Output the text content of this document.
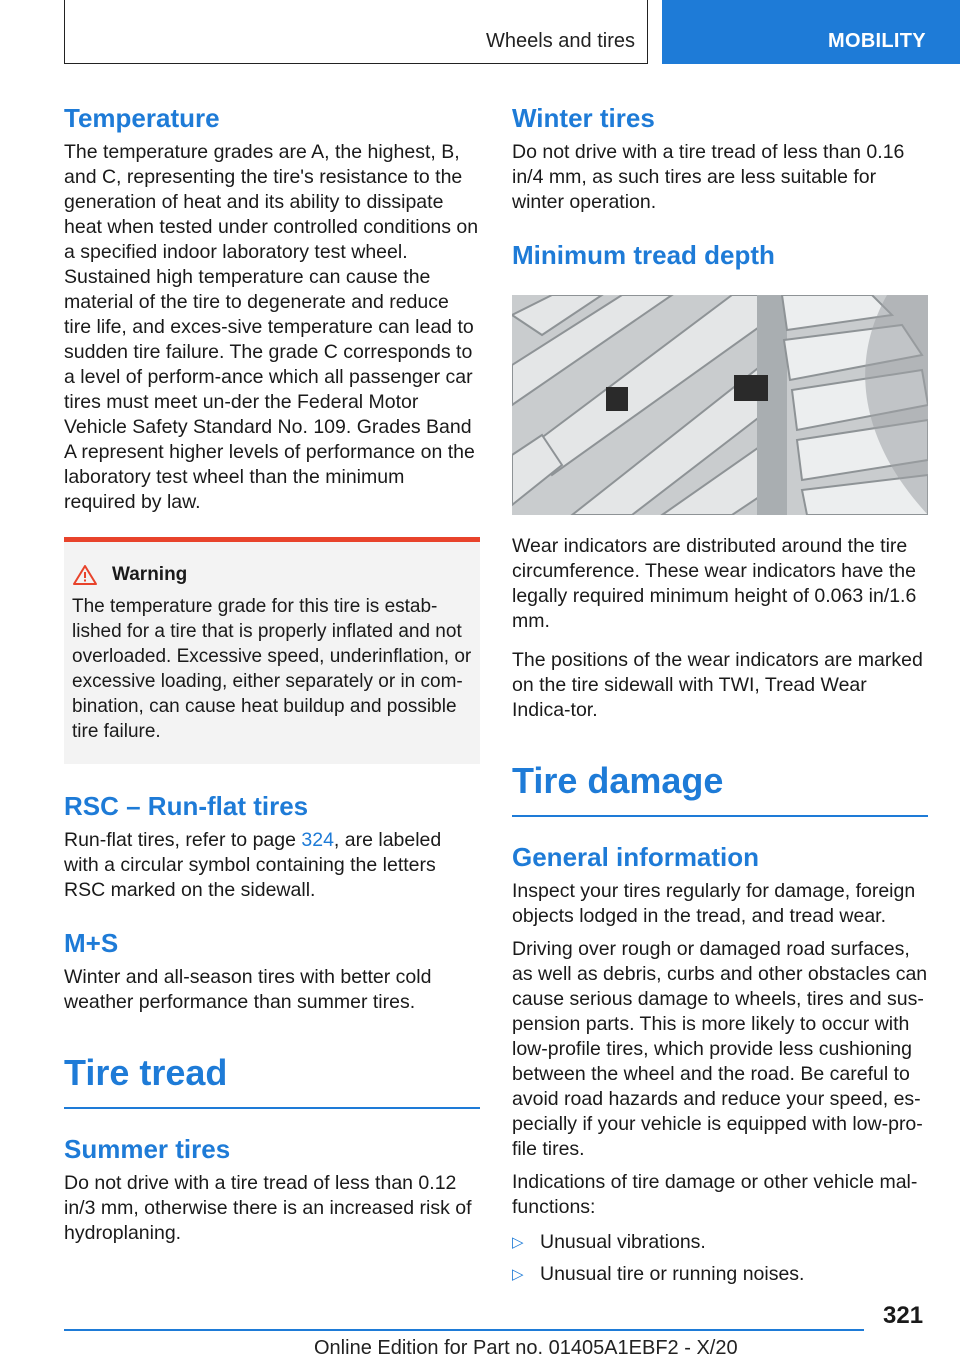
Wheels and tires	MOBILITY
Temperature

The temperature grades are A, the highest, B, and C, representing the tire's resistance to the generation of heat and its ability to dissipate heat when tested under controlled conditions on a specified indoor laboratory test wheel. Sustained high temperature can cause the material of the tire to degenerate and reduce tire life, and exces-sive temperature can lead to sudden tire failure. The grade C corresponds to a level of perform-ance which all passenger car tires must meet un-der the Federal Motor Vehicle Safety Standard No. 109. Grades Band A represent higher levels of performance on the laboratory test wheel than the minimum required by law.

Warning

The temperature grade for this tire is estab-lished for a tire that is properly inflated and not overloaded. Excessive speed, underinflation, or excessive loading, either separately or in com-bination, can cause heat buildup and possible tire failure.

RSC – Run-flat tires

Run-flat tires, refer to page 324, are labeled with a circular symbol containing the letters RSC marked on the sidewall.

M+S

Winter and all-season tires with better cold weather performance than summer tires.

Tire tread
Summer tires

Do not drive with a tire tread of less than 0.12 in/3 mm, otherwise there is an increased risk of hydroplaning.

Winter tires

Do not drive with a tire tread of less than 0.16 in/4 mm, as such tires are less suitable for winter operation.

Minimum tread depth

Wear indicators are distributed around the tire circumference. These wear indicators have the legally required minimum height of 0.063 in/1.6 mm.

The positions of the wear indicators are marked on the tire sidewall with TWI, Tread Wear Indica-tor.

Tire damage
General information

Inspect your tires regularly for damage, foreign objects lodged in the tread, and tread wear.

Driving over rough or damaged road surfaces, as well as debris, curbs and other obstacles can cause serious damage to wheels, tires and sus-pension parts. This is more likely to occur with low-profile tires, which provide less cushioning between the wheel and the road. Be careful to avoid road hazards and reduce your speed, es-pecially if your vehicle is equipped with low-pro-file tires.

Indications of tire damage or other vehicle mal-functions:

▷ Unusual vibrations.
▷ Unusual tire or running noises.
321
Online Edition for Part no. 01405A1EBF2 - X/20
